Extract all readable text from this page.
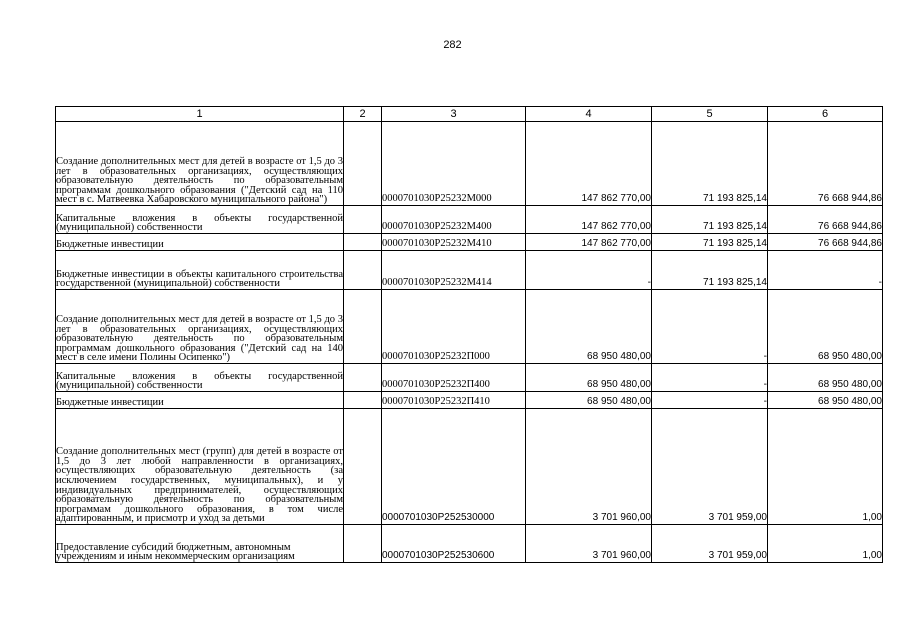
282
1	2	3	4	5	6
Создание дополнительных мест для детей в возрасте от 1,5 до 3 лет в образовательных организациях, осуществляющих образовательную деятельность по образовательным программам дошкольного образования ("Детский сад на 110 мест в с. Матвеевка Хабаровского муниципального района")		0000701030P25232M000	147 862 770,00	71 193 825,14	76 668 944,86
Капитальные вложения в объекты государственной (муниципальной) собственности		0000701030P25232M400	147 862 770,00	71 193 825,14	76 668 944,86
Бюджетные инвестиции		0000701030P25232M410	147 862 770,00	71 193 825,14	76 668 944,86
Бюджетные инвестиции в объекты капитального строительства государственной (муниципальной) собственности		0000701030P25232M414	-	71 193 825,14	-
Создание дополнительных мест для детей в возрасте от 1,5 до 3 лет в образовательных организациях, осуществляющих образовательную деятельность по образовательным программам дошкольного образования ("Детский сад на 140 мест в селе имени Полины Осипенко")		0000701030P25232П000	68 950 480,00	-	68 950 480,00
Капитальные вложения в объекты государственной (муниципальной) собственности		0000701030P25232П400	68 950 480,00	-	68 950 480,00
Бюджетные инвестиции		0000701030P25232П410	68 950 480,00	-	68 950 480,00
Создание дополнительных мест (групп) для детей в возрасте от 1,5 до 3 лет любой направленности в организациях, осуществляющих образовательную деятельность (за исключением государственных, муниципальных), и у индивидуальных предпринимателей, осуществляющих образовательную деятельность по образовательным программам дошкольного образования, в том числе адаптированным, и присмотр и уход за детьми		0000701030P252530000	3 701 960,00	3 701 959,00	1,00
Предоставление субсидий бюджетным, автономным учреждениям и иным некоммерческим организациям		0000701030P252530600	3 701 960,00	3 701 959,00	1,00
